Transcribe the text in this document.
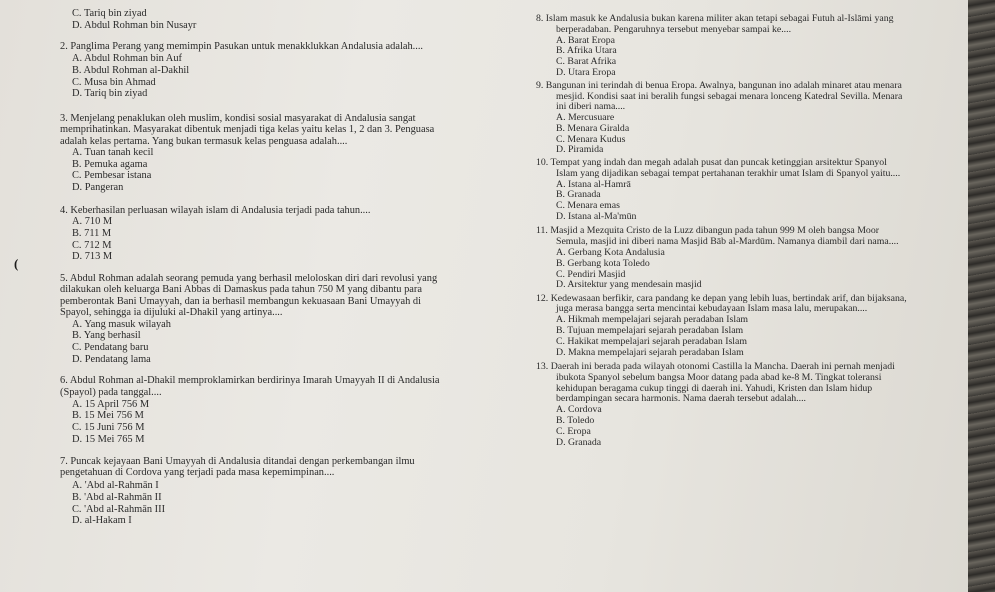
C. Tariq bin ziyad
D. Abdul Rohman bin Nusayr
2. Panglima Perang yang memimpin Pasukan untuk menakklukkan Andalusia adalah....
A. Abdul Rohman bin Auf
B. Abdul Rohman al-Dakhil
C. Musa bin Ahmad
D. Tariq bin ziyad
3. Menjelang penaklukan oleh muslim, kondisi sosial masyarakat di Andalusia sangat
memprihatinkan. Masyarakat dibentuk menjadi tiga kelas yaitu kelas 1, 2 dan 3. Penguasa
adalah kelas pertama. Yang bukan termasuk kelas penguasa adalah....
A. Tuan tanah kecil
B. Pemuka agama
C. Pembesar istana
D. Pangeran
4. Keberhasilan perluasan wilayah islam di Andalusia terjadi pada tahun....
A. 710 M
B. 711 M
C. 712 M
D. 713 M
5. Abdul Rohman adalah seorang pemuda yang berhasil meloloskan diri dari revolusi yang
dilakukan oleh keluarga Bani Abbas di Damaskus pada tahun 750 M yang dibantu para
pemberontak Bani Umayyah, dan ia berhasil membangun kekuasaan Bani Umayyah di
Spayol, sehingga ia dijuluki al-Dhakil yang artinya....
A. Yang masuk wilayah
B. Yang berhasil
C. Pendatang baru
D. Pendatang lama
6. Abdul Rohman al-Dhakil memproklamirkan berdirinya Imarah Umayyah II di Andalusia
(Spayol) pada tanggal....
A. 15 April 756 M
B. 15 Mei 756 M
C. 15 Juni 756 M
D. 15 Mei 765 M
7. Puncak kejayaan Bani Umayyah di Andalusia ditandai dengan perkembangan ilmu
pengetahuan di Cordova yang terjadi pada masa kepemimpinan....
A. 'Abd al-Rahmān I
B. 'Abd al-Rahmān II
C. 'Abd al-Rahmān III
D. al-Hakam I
8. Islam masuk ke Andalusia bukan karena militer akan tetapi sebagai Futuh al-Islāmi yang
berperadaban. Pengaruhnya tersebut menyebar sampai ke....
A. Barat Eropa
B. Afrika Utara
C. Barat Afrika
D. Utara Eropa
9. Bangunan ini terindah di benua Eropa. Awalnya, bangunan ino adalah minaret atau menara
mesjid. Kondisi saat ini beralih fungsi sebagai menara lonceng Katedral Sevilla. Menara
ini diberi nama....
A. Mercusuare
B. Menara Giralda
C. Menara Kudus
D. Piramida
10. Tempat yang indah dan megah adalah pusat dan puncak ketinggian arsitektur Spanyol
Islam yang dijadikan sebagai tempat pertahanan terakhir umat Islam di Spanyol yaitu....
A. Istana al-Hamrā
B. Granada
C. Menara emas
D. Istana al-Ma'mūn
11. Masjid a Mezquita Cristo de la Luzz dibangun pada tahun 999 M oleh bangsa Moor
Semula, masjid ini diberi nama Masjid Bāb al-Mardūm. Namanya diambil dari nama....
A. Gerbang Kota Andalusia
B. Gerbang kota Toledo
C. Pendiri Masjid
D. Arsitektur yang mendesain masjid
12. Kedewasaan berfikir, cara pandang ke depan yang lebih luas, bertindak arif, dan bijaksana,
juga merasa bangga serta mencintai kebudayaan Islam masa lalu, merupakan....
A. Hikmah mempelajari sejarah peradaban Islam
B. Tujuan mempelajari sejarah peradaban Islam
C. Hakikat mempelajari sejarah peradaban Islam
D. Makna mempelajari sejarah peradaban Islam
13. Daerah ini berada pada wilayah otonomi Castilla la Mancha. Daerah ini pernah menjadi
ibukota Spanyol sebelum bangsa Moor datang pada abad ke-8 M. Tingkat toleransi
kehidupan beragama cukup tinggi di daerah ini. Yahudi, Kristen dan Islam hidup
berdampingan secara harmonis. Nama daerah tersebut adalah....
A. Cordova
B. Toledo
C. Eropa
D. Granada
(
